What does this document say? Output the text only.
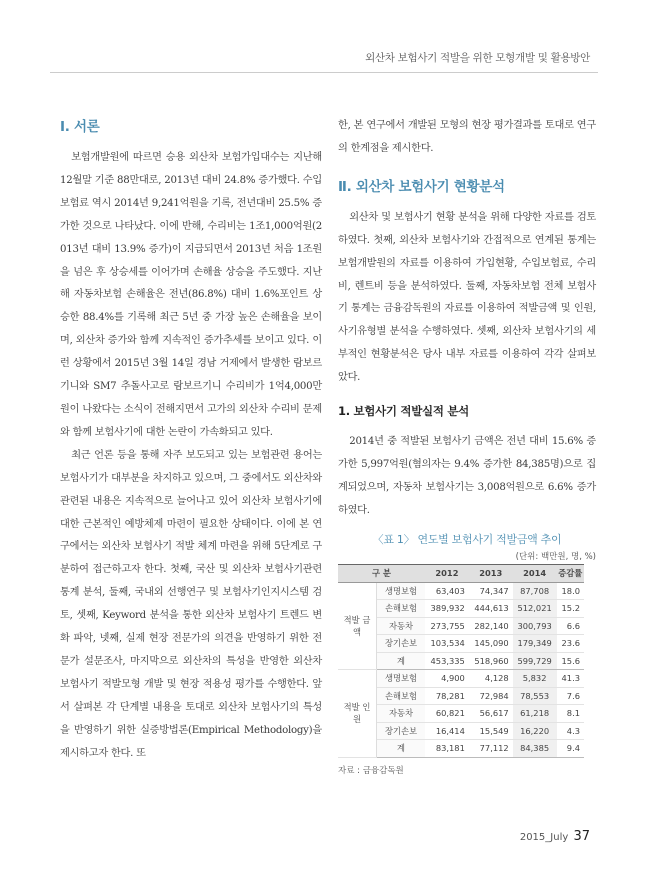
외산차 보험사기 적발을 위한 모형개발 및 활용방안
Ⅰ. 서론

보험개발원에 따르면 승용 외산차 보험가입대수는 지난해 12월말 기준 88만대로, 2013년 대비 24.8% 증가했다. 수입보험료 역시 2014년 9,241억원을 기록, 전년대비 25.5% 증가한 것으로 나타났다. 이에 반해, 수리비는 1조1,000억원(2013년 대비 13.9% 증가)이 지급되면서 2013년 처음 1조원을 넘은 후 상승세를 이어가며 손해율 상승을 주도했다. 지난해 자동차보험 손해율은 전년(86.8%) 대비 1.6%포인트 상승한 88.4%를 기록해 최근 5년 중 가장 높은 손해율을 보이며, 외산차 증가와 함께 지속적인 증가추세를 보이고 있다. 이런 상황에서 2015년 3월 14일 경남 거제에서 발생한 람보르기니와 SM7 추돌사고로 람보르기니 수리비가 1억4,000만원이 나왔다는 소식이 전해지면서 고가의 외산차 수리비 문제와 함께 보험사기에 대한 논란이 가속화되고 있다.

최근 언론 등을 통해 자주 보도되고 있는 보험관련 용어는 보험사기가 대부분을 차지하고 있으며, 그 중에서도 외산차와 관련된 내용은 지속적으로 늘어나고 있어 외산차 보험사기에 대한 근본적인 예방체제 마련이 필요한 상태이다. 이에 본 연구에서는 외산차 보험사기 적발 체계 마련을 위해 5단계로 구분하여 접근하고자 한다. 첫째, 국산 및 외산차 보험사기관련 통계 분석, 둘째, 국내외 선행연구 및 보험사기인지시스템 검토, 셋째, Keyword 분석을 통한 외산차 보험사기 트렌드 변화 파악, 넷째, 실제 현장 전문가의 의견을 반영하기 위한 전문가 설문조사, 마지막으로 외산차의 특성을 반영한 외산차 보험사기 적발모형 개발 및 현장 적용성 평가를 수행한다. 앞서 살펴본 각 단계별 내용을 토대로 외산차 보험사기의 특성을 반영하기 위한 실증방법론(Empirical Methodology)을 제시하고자 한다. 또

한, 본 연구에서 개발된 모형의 현장 평가결과를 토대로 연구의 한계점을 제시한다.

Ⅱ. 외산차 보험사기 현황분석

외산차 및 보험사기 현황 분석을 위해 다양한 자료를 검토하였다. 첫째, 외산차 보험사기와 간접적으로 연계된 통계는 보험개발원의 자료를 이용하여 가입현황, 수입보험료, 수리비, 렌트비 등을 분석하였다. 둘째, 자동차보험 전체 보험사기 통계는 금융감독원의 자료를 이용하여 적발금액 및 인원, 사기유형별 분석을 수행하였다. 셋째, 외산차 보험사기의 세부적인 현황분석은 당사 내부 자료를 이용하여 각각 살펴보았다.

1. 보험사기 적발실적 분석

2014년 중 적발된 보험사기 금액은 전년 대비 15.6% 증가한 5,997억원(혐의자는 9.4% 증가한 84,385명)으로 집계되었으며, 자동차 보험사기는 3,008억원으로 6.6% 증가하였다.

〈표 1〉 연도별 보험사기 적발금액 추이
(단위: 백만원, 명, %)
구 분		2012	2013	2014	증감률
적발 금액	생명보험	63,403	74,347	87,708	18.0
	손해보험	389,932	444,613	512,021	15.2
	자동차	273,755	282,140	300,793	6.6
	장기손보	103,534	145,090	179,349	23.6
	계	453,335	518,960	599,729	15.6
적발 인원	생명보험	4,900	4,128	5,832	41.3
	손해보험	78,281	72,984	78,553	7.6
	자동차	60,821	56,617	61,218	8.1
	장기손보	16,414	15,549	16,220	4.3
	계	83,181	77,112	84,385	9.4
자료 : 금융감독원
2015_July 37
